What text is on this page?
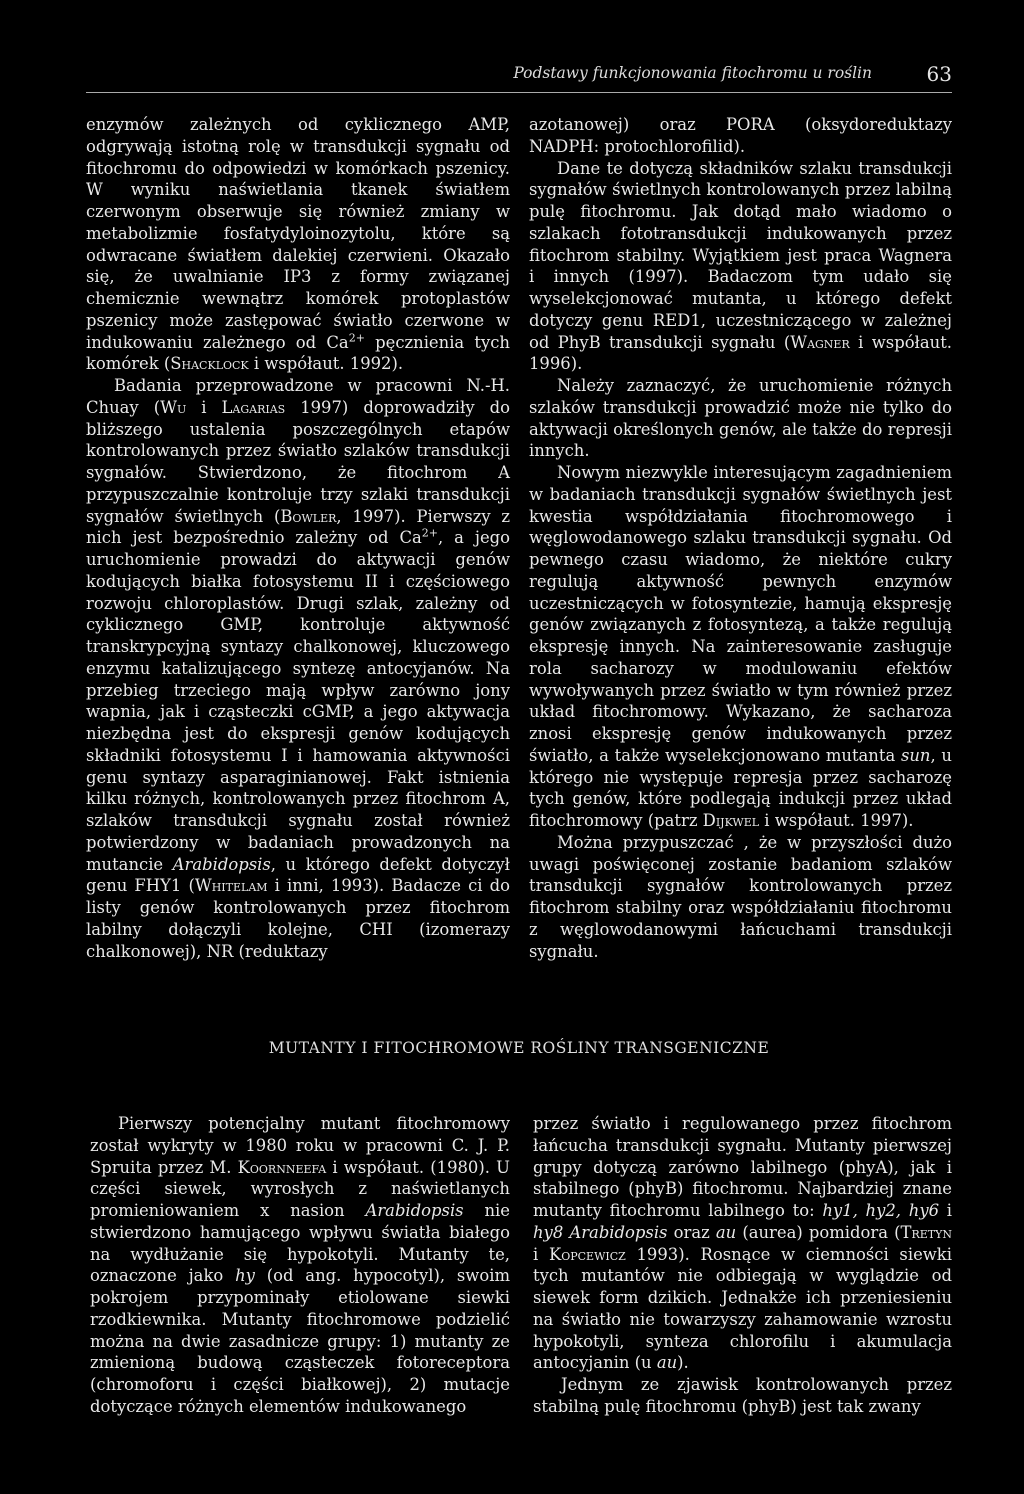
Podstawy funkcjonowania fitochromu u roślin	63

enzymów zależnych od cyklicznego AMP, odgrywają istotną rolę w transdukcji sygnału od fitochromu do odpowiedzi w komórkach pszenicy. W wyniku naświetlania tkanek światłem czerwonym obserwuje się również zmiany w metabolizmie fosfatydyloinozytolu, które są odwracane światłem dalekiej czerwieni. Okazało się, że uwalnianie IP3 z formy związanej chemicznie wewnątrz komórek protoplastów pszenicy może zastępować światło czerwone w indukowaniu zależnego od $Ca^{2+}$ pęcznienia tych komórek (Shacklock i współaut. 1992).

Badania przeprowadzone w pracowni N.-H. Chuay (Wu i Lagarias 1997) doprowadziły do bliższego ustalenia poszczególnych etapów kontrolowanych przez światło szlaków transdukcji sygnałów. Stwierdzono, że fitochrom A przypuszczalnie kontroluje trzy szlaki transdukcji sygnałów świetlnych (Bowler, 1997). Pierwszy z nich jest bezpośrednio zależny od $Ca^{2+}$, a jego uruchomienie prowadzi do aktywacji genów kodujących białka fotosystemu II i częściowego rozwoju chloroplastów. Drugi szlak, zależny od cyklicznego GMP, kontroluje aktywność transkrypcyjną syntazy chalkonowej, kluczowego enzymu katalizującego syntezę antocyjanów. Na przebieg trzeciego mają wpływ zarówno jony wapnia, jak i cząsteczki cGMP, a jego aktywacja niezbędna jest do ekspresji genów kodujących składniki fotosystemu I i hamowania aktywności genu syntazy asparaginianowej. Fakt istnienia kilku różnych, kontrolowanych przez fitochrom A, szlaków transdukcji sygnału został również potwierdzony w badaniach prowadzonych na mutancie Arabidopsis, u którego defekt dotyczył genu FHY1 (Whitelam i inni, 1993). Badacze ci do listy genów kontrolowanych przez fitochrom labilny dołączyli kolejne, CHI (izomerazy chalkonowej), NR (reduktazy

azotanowej) oraz PORA (oksydoreduktazy NADPH: protochlorofilid).

Dane te dotyczą składników szlaku transdukcji sygnałów świetlnych kontrolowanych przez labilną pulę fitochromu. Jak dotąd mało wiadomo o szlakach fototransdukcji indukowanych przez fitochrom stabilny. Wyjątkiem jest praca Wagnera i innych (1997). Badaczom tym udało się wyselekcjonować mutanta, u którego defekt dotyczy genu RED1, uczestniczącego w zależnej od PhyB transdukcji sygnału (Wagner i współaut. 1996).

Należy zaznaczyć, że uruchomienie różnych szlaków transdukcji prowadzić może nie tylko do aktywacji określonych genów, ale także do represji innych.

Nowym niezwykle interesującym zagadnieniem w badaniach transdukcji sygnałów świetlnych jest kwestia współdziałania fitochromowego i węglowodanowego szlaku transdukcji sygnału. Od pewnego czasu wiadomo, że niektóre cukry regulują aktywność pewnych enzymów uczestniczących w fotosyntezie, hamują ekspresję genów związanych z fotosyntezą, a także regulują ekspresję innych. Na zainteresowanie zasługuje rola sacharozy w modulowaniu efektów wywoływanych przez światło w tym również przez układ fitochromowy. Wykazano, że sacharoza znosi ekspresję genów indukowanych przez światło, a także wyselekcjonowano mutanta sun, u którego nie występuje represja przez sacharozę tych genów, które podlegają indukcji przez układ fitochromowy (patrz Dijkwel i współaut. 1997).

Można przypuszczać , że w przyszłości dużo uwagi poświęconej zostanie badaniom szlaków transdukcji sygnałów kontrolowanych przez fitochrom stabilny oraz współdziałaniu fitochromu z węglowodanowymi łańcuchami transdukcji sygnału.

MUTANTY I FITOCHROMOWE ROŚLINY TRANSGENICZNE

Pierwszy potencjalny mutant fitochromowy został wykryty w 1980 roku w pracowni C. J. P. Spruita przez M. Koornneefa i współaut. (1980). U części siewek, wyrosłych z naświetlanych promieniowaniem x nasion Arabidopsis nie stwierdzono hamującego wpływu światła białego na wydłużanie się hypokotyli. Mutanty te, oznaczone jako hy (od ang. hypocotyl), swoim pokrojem przypominały etiolowane siewki rzodkiewnika. Mutanty fitochromowe podzielić można na dwie zasadnicze grupy: 1) mutanty ze zmienioną budową cząsteczek fotoreceptora (chromoforu i części białkowej), 2) mutacje dotyczące różnych elementów indukowanego

przez światło i regulowanego przez fitochrom łańcucha transdukcji sygnału. Mutanty pierwszej grupy dotyczą zarówno labilnego (phyA), jak i stabilnego (phyB) fitochromu. Najbardziej znane mutanty fitochromu labilnego to: hy1, hy2, hy6 i hy8 Arabidopsis oraz au (aurea) pomidora (Tretyn i Kopcewicz 1993). Rosnące w ciemności siewki tych mutantów nie odbiegają w wyglądzie od siewek form dzikich. Jednakże ich przeniesieniu na światło nie towarzyszy zahamowanie wzrostu hypokotyli, synteza chlorofilu i akumulacja antocyjanin (u au).

Jednym ze zjawisk kontrolowanych przez stabilną pulę fitochromu (phyB) jest tak zwany
